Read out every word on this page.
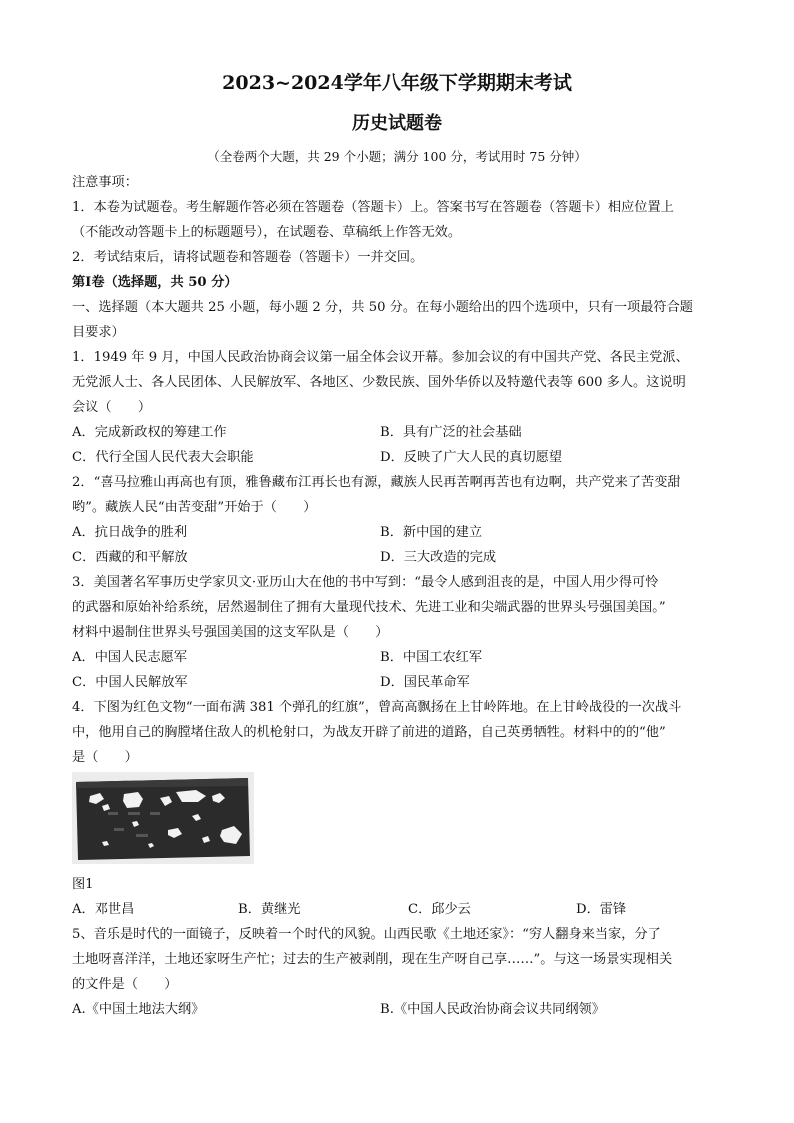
2023~2024学年八年级下学期期末考试
历史试题卷
（全卷两个大题，共 29 个小题；满分 100 分，考试用时 75 分钟）
注意事项：
1．本卷为试题卷。考生解题作答必须在答题卷（答题卡）上。答案书写在答题卷（答题卡）相应位置上
（不能改动答题卡上的标题题号），在试题卷、草稿纸上作答无效。
2．考试结束后，请将试题卷和答题卷（答题卡）一并交回。
第Ⅰ卷（选择题，共 50 分）
一、选择题（本大题共 25 小题，每小题 2 分，共 50 分。在每小题给出的四个选项中，只有一项最符合题
目要求）
1．1949 年 9 月，中国人民政治协商会议第一届全体会议开幕。参加会议的有中国共产党、各民主党派、
无党派人士、各人民团体、人民解放军、各地区、少数民族、国外华侨以及特邀代表等 600 多人。这说明
会议（　　）
A．完成新政权的筹建工作	B．具有广泛的社会基础
C．代行全国人民代表大会职能	D．反映了广大人民的真切愿望
2．“喜马拉雅山再高也有顶，雅鲁藏布江再长也有源，藏族人民再苦啊再苦也有边啊，共产党来了苦变甜
哟”。藏族人民“由苦变甜”开始于（　　）
A．抗日战争的胜利	B．新中国的建立
C．西藏的和平解放	D．三大改造的完成
3．美国著名军事历史学家贝文·亚历山大在他的书中写到：“最令人感到沮丧的是，中国人用少得可怜
的武器和原始补给系统，居然遏制住了拥有大量现代技术、先进工业和尖端武器的世界头号强国美国。”
材料中遏制住世界头号强国美国的这支军队是（　　）
A．中国人民志愿军	B．中国工农红军
C．中国人民解放军	D．国民革命军
4．下图为红色文物“一面布满 381 个弹孔的红旗”，曾高高飘扬在上甘岭阵地。在上甘岭战役的一次战斗
中，他用自己的胸膛堵住敌人的机枪射口，为战友开辟了前进的道路，自己英勇牺牲。材料中的的“他”
是（　　）
图1
A．邓世昌	B．黄继光	C．邱少云	D．雷锋
5、音乐是时代的一面镜子，反映着一个时代的风貌。山西民歌《土地还家》：“穷人翻身来当家，分了
土地呀喜洋洋，土地还家呀生产忙；过去的生产被剥削，现在生产呀自己享……”。与这一场景实现相关
的文件是（　　）
A.《中国土地法大纲》	B.《中国人民政治协商会议共同纲领》
